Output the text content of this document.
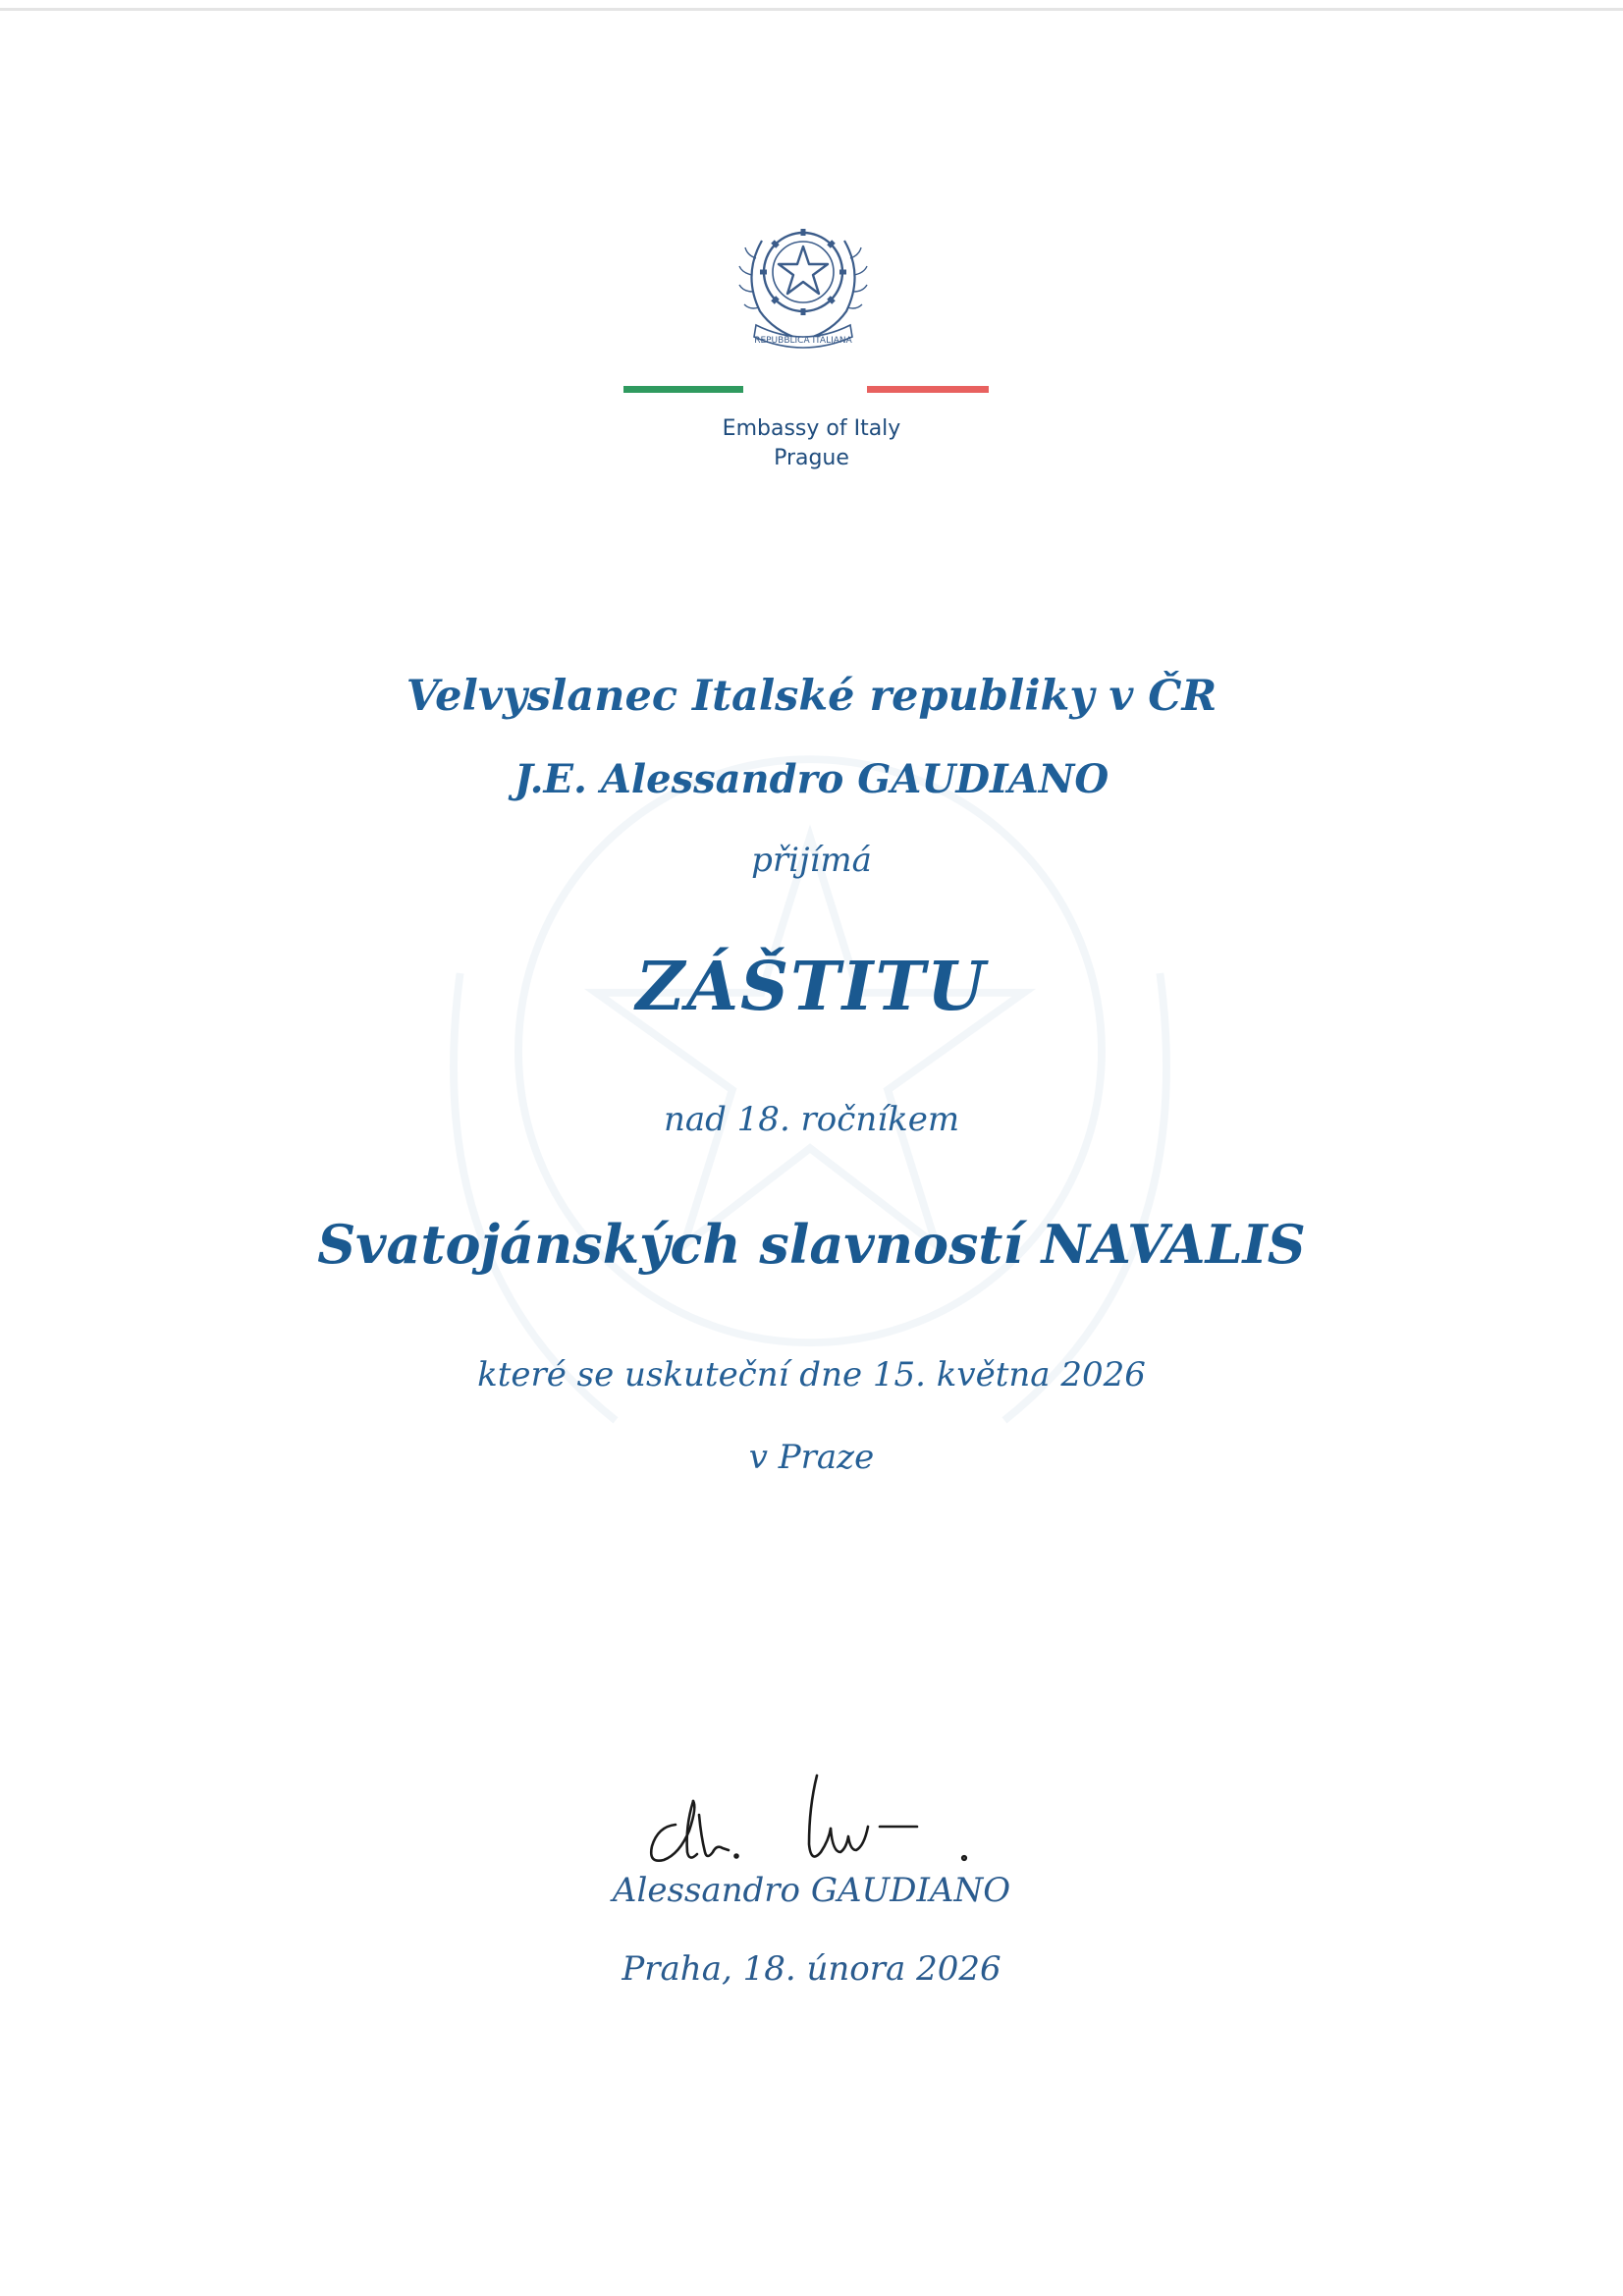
REPUBBLICA ITALIANA
Embassy of Italy
Prague
Velvyslanec Italské republiky v ČR
J.E. Alessandro GAUDIANO
přijímá
ZÁŠTITU
nad 18. ročníkem
Svatojánských slavností NAVALIS
které se uskuteční dne 15. května 2026
v Praze
Alessandro GAUDIANO
Praha, 18. února 2026
